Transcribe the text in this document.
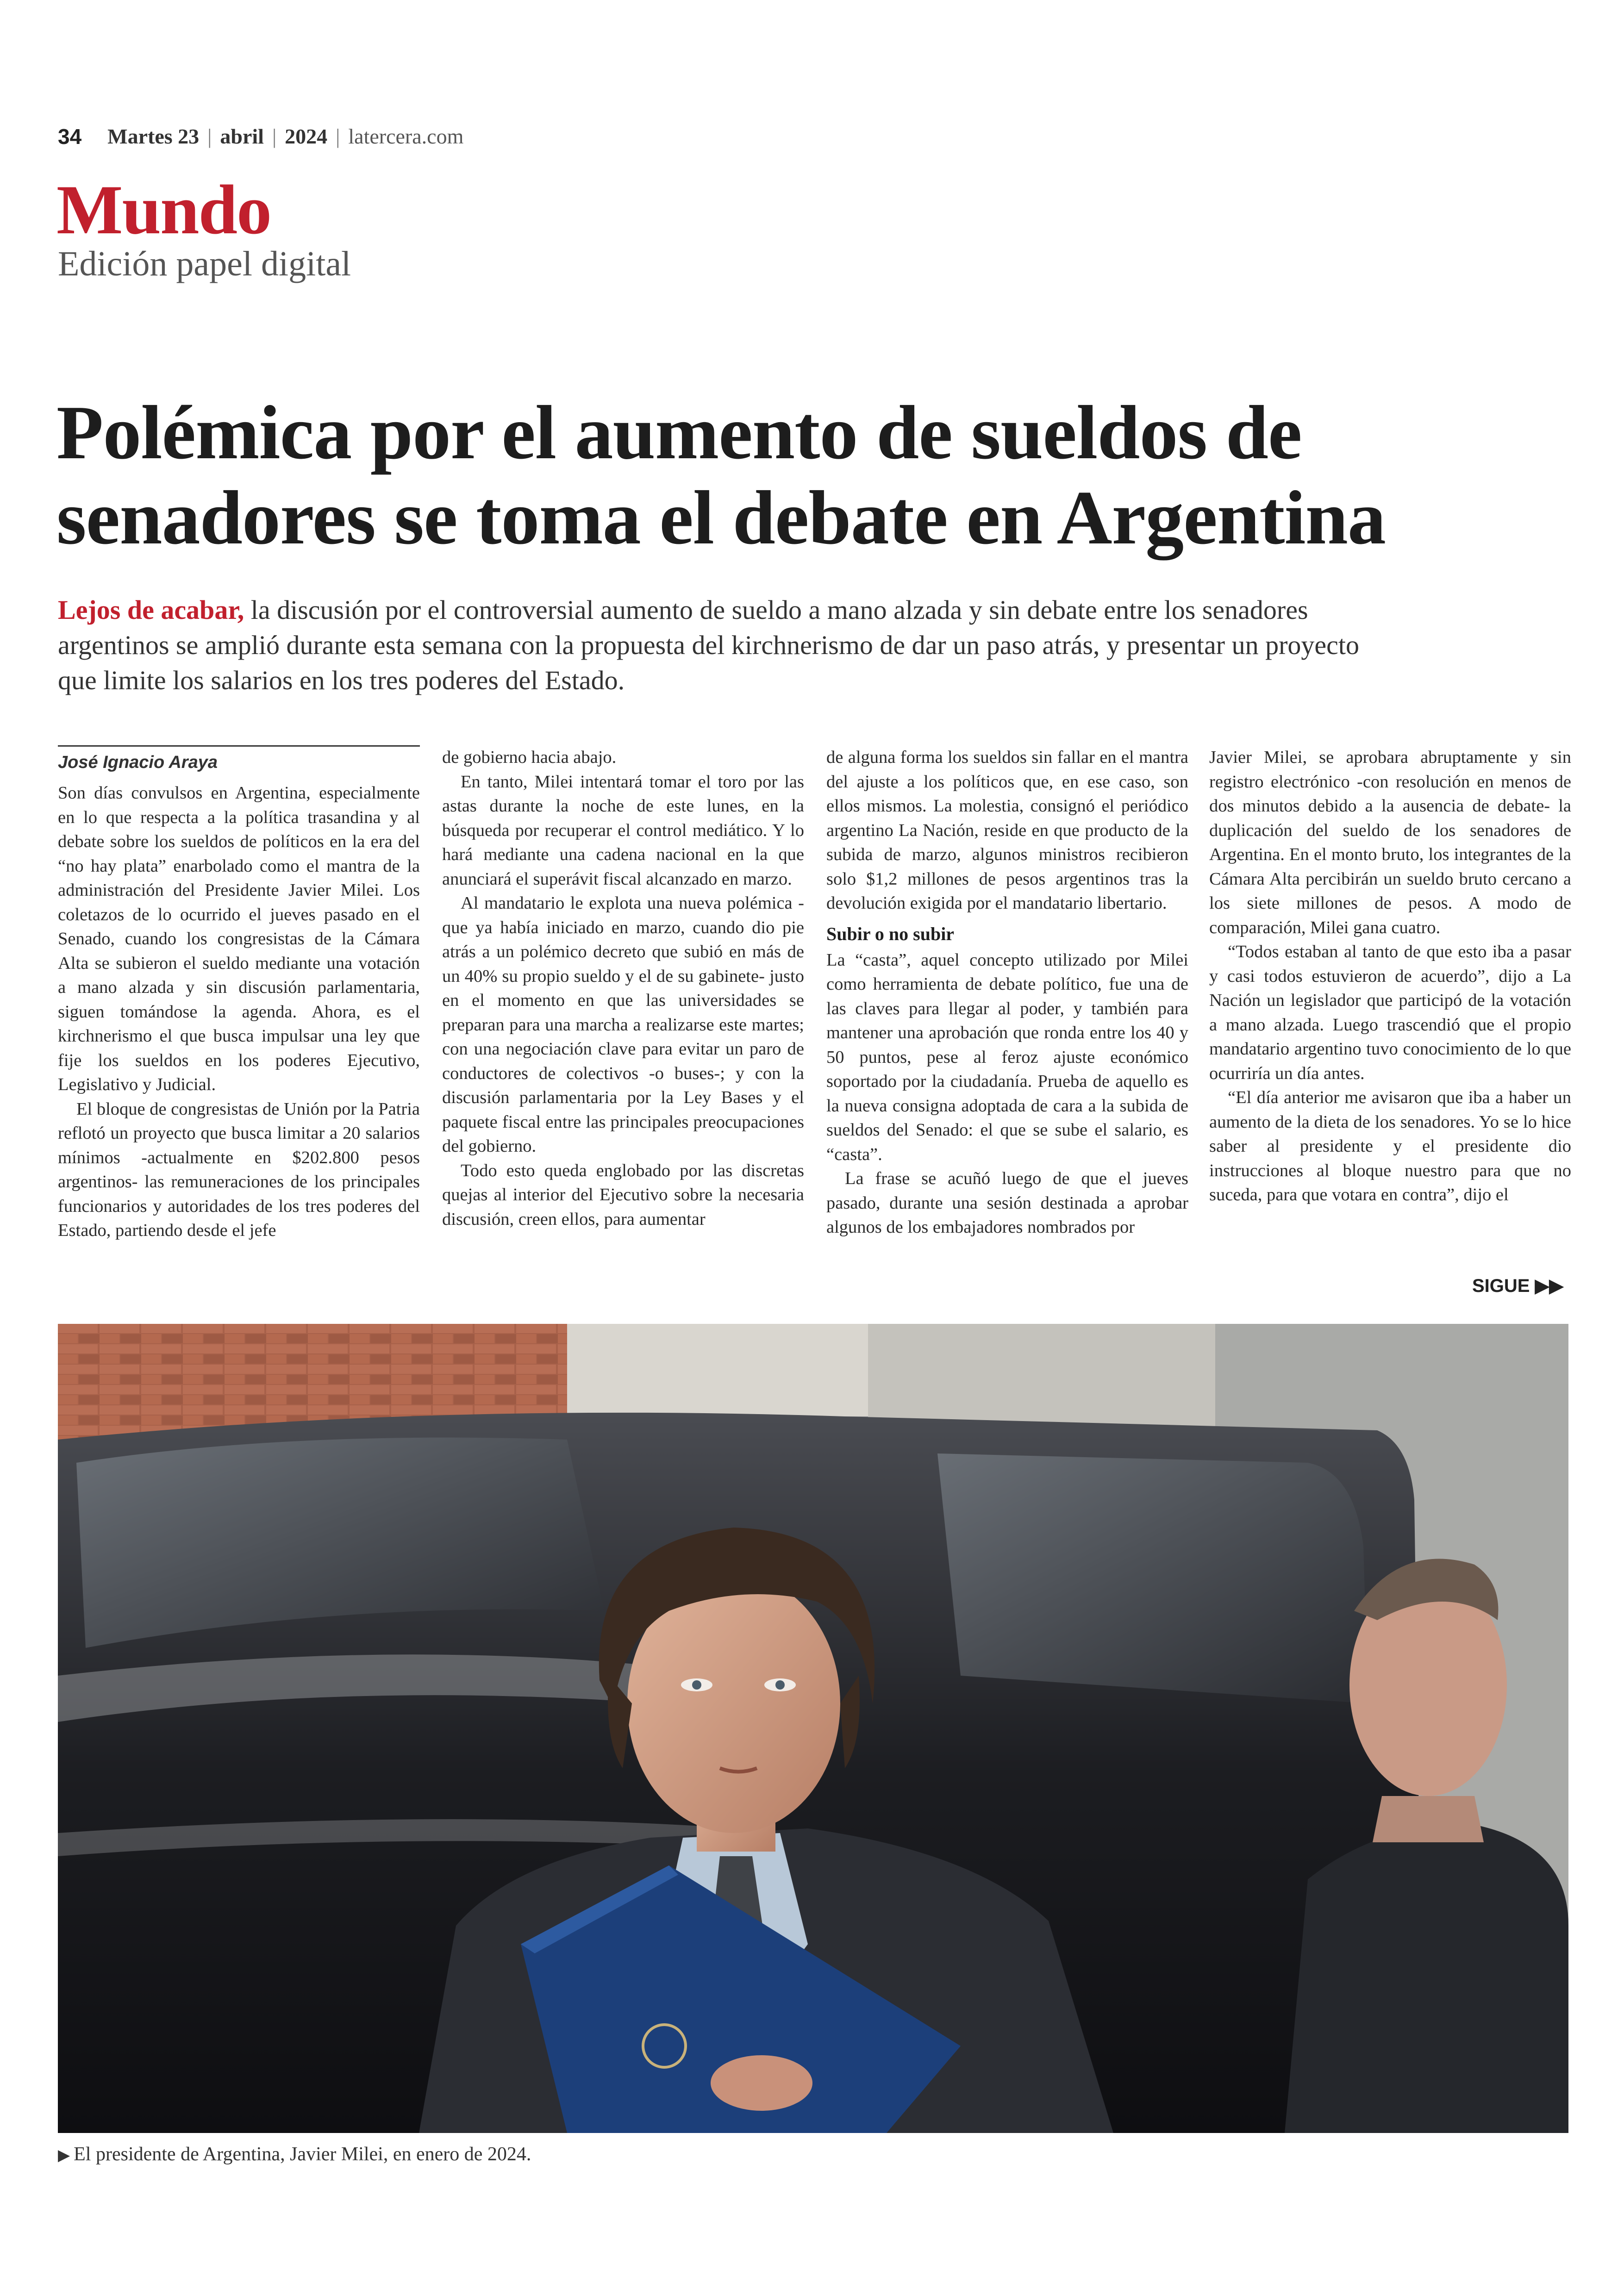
34 Martes 23 | abril | 2024 | latercera.com
Mundo
Edición papel digital
Polémica por el aumento de sueldos de senadores se toma el debate en Argentina
Lejos de acabar, la discusión por el controversial aumento de sueldo a mano alzada y sin debate entre los senadores argentinos se amplió durante esta semana con la propuesta del kirchnerismo de dar un paso atrás, y presentar un proyecto que limite los salarios en los tres poderes del Estado.
José Ignacio Araya

Son días convulsos en Argentina, especialmente en lo que respecta a la política trasandina y al debate sobre los sueldos de políticos en la era del “no hay plata” enarbolado como el mantra de la administración del Presidente Javier Milei. Los coletazos de lo ocurrido el jueves pasado en el Senado, cuando los congresistas de la Cámara Alta se subieron el sueldo mediante una votación a mano alzada y sin discusión parlamentaria, siguen tomándose la agenda. Ahora, es el kirchnerismo el que busca impulsar una ley que fije los sueldos en los poderes Ejecutivo, Legislativo y Judicial.

El bloque de congresistas de Unión por la Patria reflotó un proyecto que busca limitar a 20 salarios mínimos -actualmente en $202.800 pesos argentinos- las remuneraciones de los principales funcionarios y autoridades de los tres poderes del Estado, partiendo desde el jefe

de gobierno hacia abajo.

En tanto, Milei intentará tomar el toro por las astas durante la noche de este lunes, en la búsqueda por recuperar el control mediático. Y lo hará mediante una cadena nacional en la que anunciará el superávit fiscal alcanzado en marzo.

Al mandatario le explota una nueva polémica -que ya había iniciado en marzo, cuando dio pie atrás a un polémico decreto que subió en más de un 40% su propio sueldo y el de su gabinete- justo en el momento en que las universidades se preparan para una marcha a realizarse este martes; con una negociación clave para evitar un paro de conductores de colectivos -o buses-; y con la discusión parlamentaria por la Ley Bases y el paquete fiscal entre las principales preocupaciones del gobierno.

Todo esto queda englobado por las discretas quejas al interior del Ejecutivo sobre la necesaria discusión, creen ellos, para aumentar

de alguna forma los sueldos sin fallar en el mantra del ajuste a los políticos que, en ese caso, son ellos mismos. La molestia, consignó el periódico argentino La Nación, reside en que producto de la subida de marzo, algunos ministros recibieron solo $1,2 millones de pesos argentinos tras la devolución exigida por el mandatario libertario.

Subir o no subir

La “casta”, aquel concepto utilizado por Milei como herramienta de debate político, fue una de las claves para llegar al poder, y también para mantener una aprobación que ronda entre los 40 y 50 puntos, pese al feroz ajuste económico soportado por la ciudadanía. Prueba de aquello es la nueva consigna adoptada de cara a la subida de sueldos del Senado: el que se sube el salario, es “casta”.

La frase se acuñó luego de que el jueves pasado, durante una sesión destinada a aprobar algunos de los embajadores nombrados por

Javier Milei, se aprobara abruptamente y sin registro electrónico -con resolución en menos de dos minutos debido a la ausencia de debate- la duplicación del sueldo de los senadores de Argentina. En el monto bruto, los integrantes de la Cámara Alta percibirán un sueldo bruto cercano a los siete millones de pesos. A modo de comparación, Milei gana cuatro.

“Todos estaban al tanto de que esto iba a pasar y casi todos estuvieron de acuerdo”, dijo a La Nación un legislador que participó de la votación a mano alzada. Luego trascendió que el propio mandatario argentino tuvo conocimiento de lo que ocurriría un día antes.

“El día anterior me avisaron que iba a haber un aumento de la dieta de los senadores. Yo se lo hice saber al presidente y el presidente dio instrucciones al bloque nuestro para que no suceda, para que votara en contra”, dijo el

SIGUE ▶▶
▶ El presidente de Argentina, Javier Milei, en enero de 2024.
